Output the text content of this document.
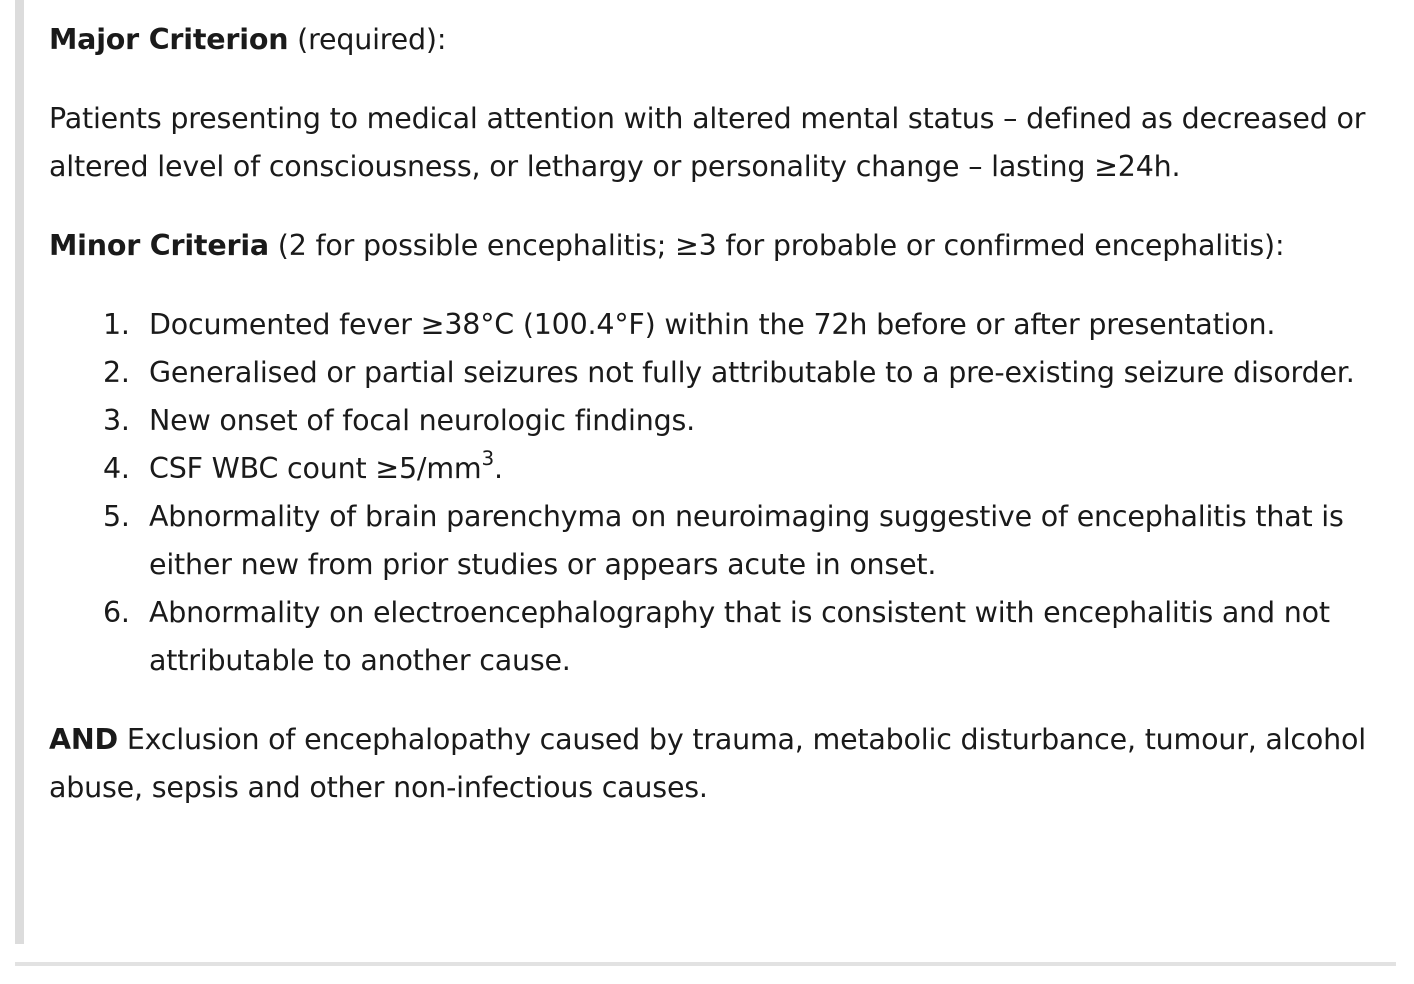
Major Criterion (required):

Patients presenting to medical attention with altered mental status – defined as decreased or altered level of consciousness, or lethargy or personality change – lasting ≥24h.

Minor Criteria (2 for possible encephalitis; ≥3 for probable or confirmed encephalitis):

1. Documented fever ≥38°C (100.4°F) within the 72h before or after presentation.
2. Generalised or partial seizures not fully attributable to a pre-existing seizure disorder.
3. New onset of focal neurologic findings.
4. CSF WBC count $\ge 5/mm^3$.
5. Abnormality of brain parenchyma on neuroimaging suggestive of encephalitis that is either new from prior studies or appears acute in onset.
6. Abnormality on electroencephalography that is consistent with encephalitis and not attributable to another cause.

AND Exclusion of encephalopathy caused by trauma, metabolic disturbance, tumour, alcohol abuse, sepsis and other non-infectious causes.
